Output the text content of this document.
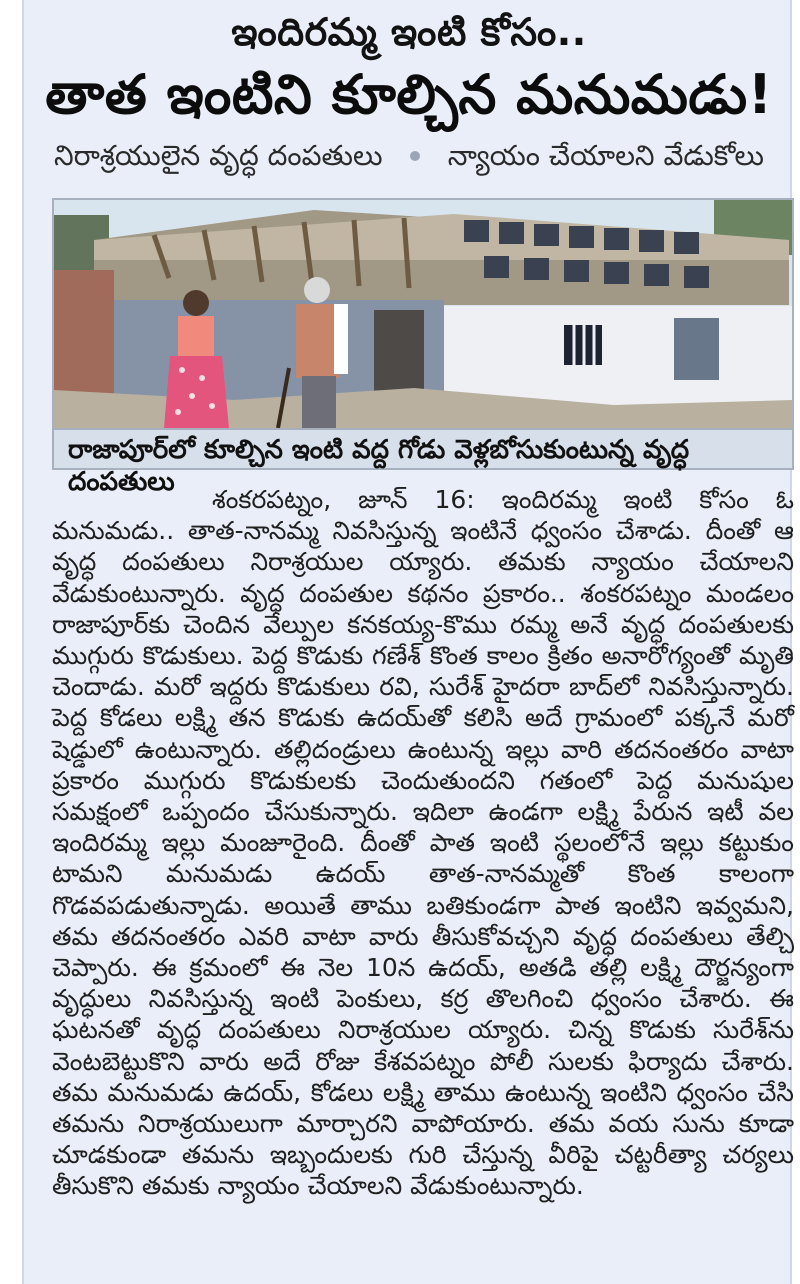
ఇందిరమ్మ ఇంటి కోసం..
తాత ఇంటిని కూల్చిన మనుమడు!
నిరాశ్రయులైన వృద్ధ దంపతులు న్యాయం చేయాలని వేడుకోలు
రాజాపూర్‌లో కూల్చిన ఇంటి వద్ద గోడు వెళ్లబోసుకుంటున్న వృద్ధ దంపతులు
శంకరపట్నం, జూన్ 16: ఇందిరమ్మ ఇంటి కోసం ఓ మనుమడు.. తాత-నానమ్మ నివసిస్తున్న ఇంటినే ధ్వంసం చేశాడు. దీంతో ఆ వృద్ధ దంపతులు నిరాశ్రయుల య్యారు. తమకు న్యాయం చేయాలని వేడుకుంటున్నారు. వృద్ధ దంపతుల కథనం ప్రకారం.. శంకరపట్నం మండలం రాజాపూర్‌కు చెందిన వేల్పుల కనకయ్య-కొము రమ్మ అనే వృద్ధ దంపతులకు ముగ్గురు కొడుకులు. పెద్ద కొడుకు గణేశ్ కొంత కాలం క్రితం అనారోగ్యంతో మృతి చెందాడు. మరో ఇద్దరు కొడుకులు రవి, సురేశ్ హైదరా బాద్‌లో నివసిస్తున్నారు. పెద్ద కోడలు లక్ష్మి తన కొడుకు ఉదయ్‌తో కలిసి అదే గ్రామంలో పక్కనే మరో షెడ్డులో ఉంటున్నారు. తల్లిదండ్రులు ఉంటున్న ఇల్లు వారి తదనంతరం వాటా ప్రకారం ముగ్గురు కొడుకులకు చెందుతుందని గతంలో పెద్ద మనుషుల సమక్షంలో ఒప్పందం చేసుకున్నారు. ఇదిలా ఉండగా లక్ష్మి పేరున ఇటీ వల ఇందిరమ్మ ఇల్లు మంజూరైంది. దీంతో పాత ఇంటి స్థలంలోనే ఇల్లు కట్టుకుం టామని మనుమడు ఉదయ్ తాత-నానమ్మతో కొంత కాలంగా గొడవపడుతున్నాడు. అయితే తాము బతికుండగా పాత ఇంటిని ఇవ్వమని, తమ తదనంతరం ఎవరి వాటా వారు తీసుకోవచ్చని వృద్ధ దంపతులు తేల్చి చెప్పారు. ఈ క్రమంలో ఈ నెల 10న ఉదయ్, అతడి తల్లి లక్ష్మి దౌర్జన్యంగా వృద్ధులు నివసిస్తున్న ఇంటి పెంకులు, కర్ర తొలగించి ధ్వంసం చేశారు. ఈ ఘటనతో వృద్ధ దంపతులు నిరాశ్రయుల య్యారు. చిన్న కొడుకు సురేశ్‌ను వెంటబెట్టుకొని వారు అదే రోజు కేశవపట్నం పోలీ సులకు ఫిర్యాదు చేశారు. తమ మనుమడు ఉదయ్, కోడలు లక్ష్మి తాము ఉంటున్న ఇంటిని ధ్వంసం చేసి తమను నిరాశ్రయులుగా మార్చారని వాపోయారు. తమ వయ సును కూడా చూడకుండా తమను ఇబ్బందులకు గురి చేస్తున్న వీరిపై చట్టరీత్యా చర్యలు తీసుకొని తమకు న్యాయం చేయాలని వేడుకుంటున్నారు.
